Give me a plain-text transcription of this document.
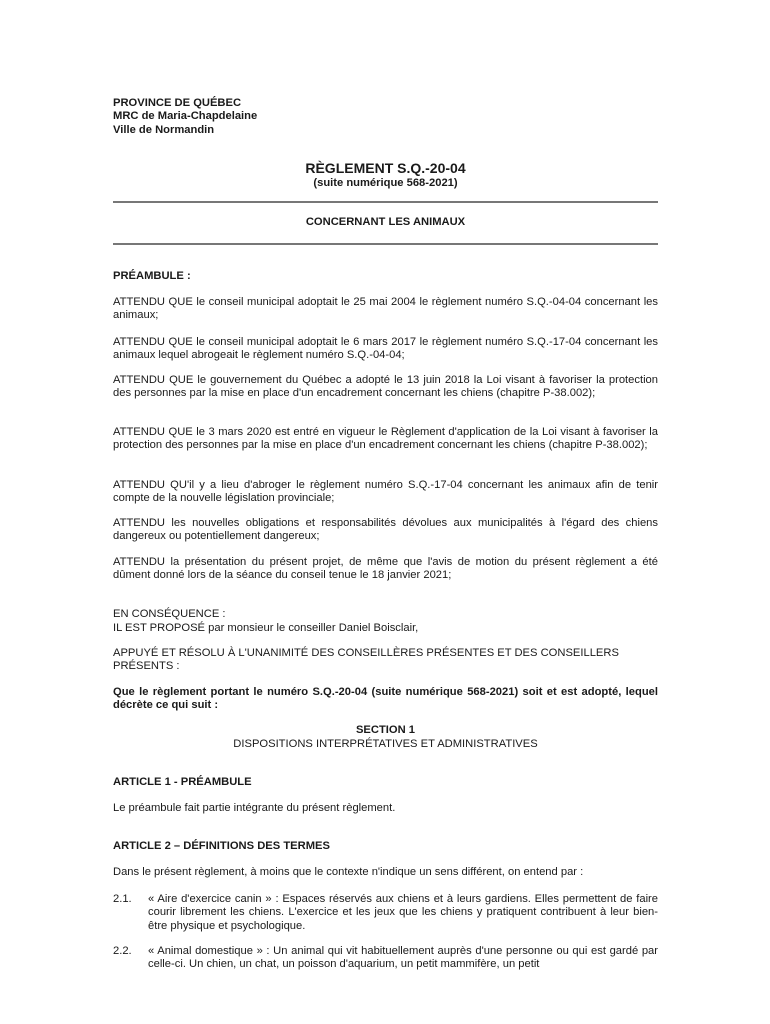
PROVINCE DE QUÉBEC
MRC de Maria-Chapdelaine
Ville de Normandin
RÈGLEMENT S.Q.-20-04
(suite numérique 568-2021)
CONCERNANT LES ANIMAUX
PRÉAMBULE :

ATTENDU QUE le conseil municipal adoptait le 25 mai 2004 le règlement numéro S.Q.-04-04 concernant les animaux;

ATTENDU QUE le conseil municipal adoptait le 6 mars 2017 le règlement numéro S.Q.-17-04 concernant les animaux lequel abrogeait le règlement numéro S.Q.-04-04;

ATTENDU QUE le gouvernement du Québec a adopté le 13 juin 2018 la Loi visant à favoriser la protection des personnes par la mise en place d'un encadrement concernant les chiens (chapitre P-38.002);

ATTENDU QUE le 3 mars 2020 est entré en vigueur le Règlement d'application de la Loi visant à favoriser la protection des personnes par la mise en place d'un encadrement concernant les chiens (chapitre P-38.002);

ATTENDU QU'il y a lieu d'abroger le règlement numéro S.Q.-17-04 concernant les animaux afin de tenir compte de la nouvelle législation provinciale;

ATTENDU les nouvelles obligations et responsabilités dévolues aux municipalités à l'égard des chiens dangereux ou potentiellement dangereux;

ATTENDU la présentation du présent projet, de même que l'avis de motion du présent règlement a été dûment donné lors de la séance du conseil tenue le 18 janvier 2021;

EN CONSÉQUENCE :
IL EST PROPOSÉ par monsieur le conseiller Daniel Boisclair,

APPUYÉ ET RÉSOLU À L'UNANIMITÉ DES CONSEILLÈRES PRÉSENTES ET DES CONSEILLERS PRÉSENTS :

Que le règlement portant le numéro S.Q.-20-04 (suite numérique 568-2021) soit et est adopté, lequel décrète ce qui suit :

SECTION 1
DISPOSITIONS INTERPRÉTATIVES ET ADMINISTRATIVES
ARTICLE 1 - PRÉAMBULE

Le préambule fait partie intégrante du présent règlement.

ARTICLE 2 – DÉFINITIONS DES TERMES

Dans le présent règlement, à moins que le contexte n'indique un sens différent, on entend par :

2.1.	« Aire d'exercice canin » : Espaces réservés aux chiens et à leurs gardiens. Elles permettent de faire courir librement les chiens. L'exercice et les jeux que les chiens y pratiquent contribuent à leur bien-être physique et psychologique.
2.2.	« Animal domestique » : Un animal qui vit habituellement auprès d'une personne ou qui est gardé par celle-ci. Un chien, un chat, un poisson d'aquarium, un petit mammifère, un petit
